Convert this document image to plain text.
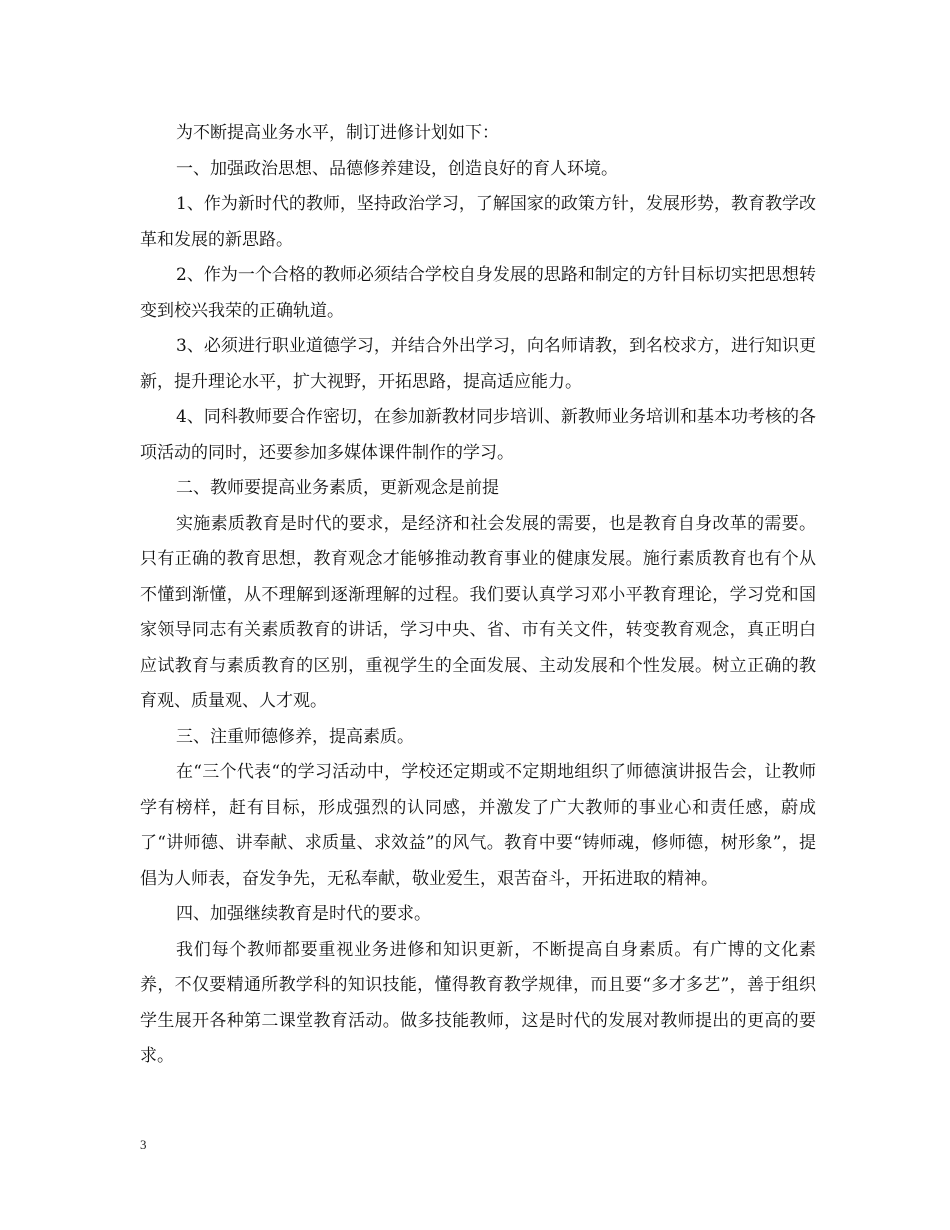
为不断提高业务水平，制订进修计划如下：

一、加强政治思想、品德修养建设，创造良好的育人环境。

1、作为新时代的教师，坚持政治学习，了解国家的政策方针，发展形势，教育教学改革和发展的新思路。

2、作为一个合格的教师必须结合学校自身发展的思路和制定的方针目标切实把思想转变到校兴我荣的正确轨道。

3、必须进行职业道德学习，并结合外出学习，向名师请教，到名校求方，进行知识更新，提升理论水平，扩大视野，开拓思路，提高适应能力。

4、同科教师要合作密切，在参加新教材同步培训、新教师业务培训和基本功考核的各项活动的同时，还要参加多媒体课件制作的学习。

二、教师要提高业务素质，更新观念是前提

实施素质教育是时代的要求，是经济和社会发展的需要，也是教育自身改革的需要。只有正确的教育思想，教育观念才能够推动教育事业的健康发展。施行素质教育也有个从不懂到渐懂，从不理解到逐渐理解的过程。我们要认真学习邓小平教育理论，学习党和国家领导同志有关素质教育的讲话，学习中央、省、市有关文件，转变教育观念，真正明白应试教育与素质教育的区别，重视学生的全面发展、主动发展和个性发展。树立正确的教育观、质量观、人才观。

三、注重师德修养，提高素质。

在“三个代表“的学习活动中，学校还定期或不定期地组织了师德演讲报告会，让教师学有榜样，赶有目标，形成强烈的认同感，并激发了广大教师的事业心和责任感，蔚成了“讲师德、讲奉献、求质量、求效益”的风气。教育中要“铸师魂，修师德，树形象”，提倡为人师表，奋发争先，无私奉献，敬业爱生，艰苦奋斗，开拓进取的精神。

四、加强继续教育是时代的要求。

我们每个教师都要重视业务进修和知识更新，不断提高自身素质。有广博的文化素养，不仅要精通所教学科的知识技能，懂得教育教学规律，而且要“多才多艺”，善于组织学生展开各种第二课堂教育活动。做多技能教师，这是时代的发展对教师提出的更高的要求。

3
